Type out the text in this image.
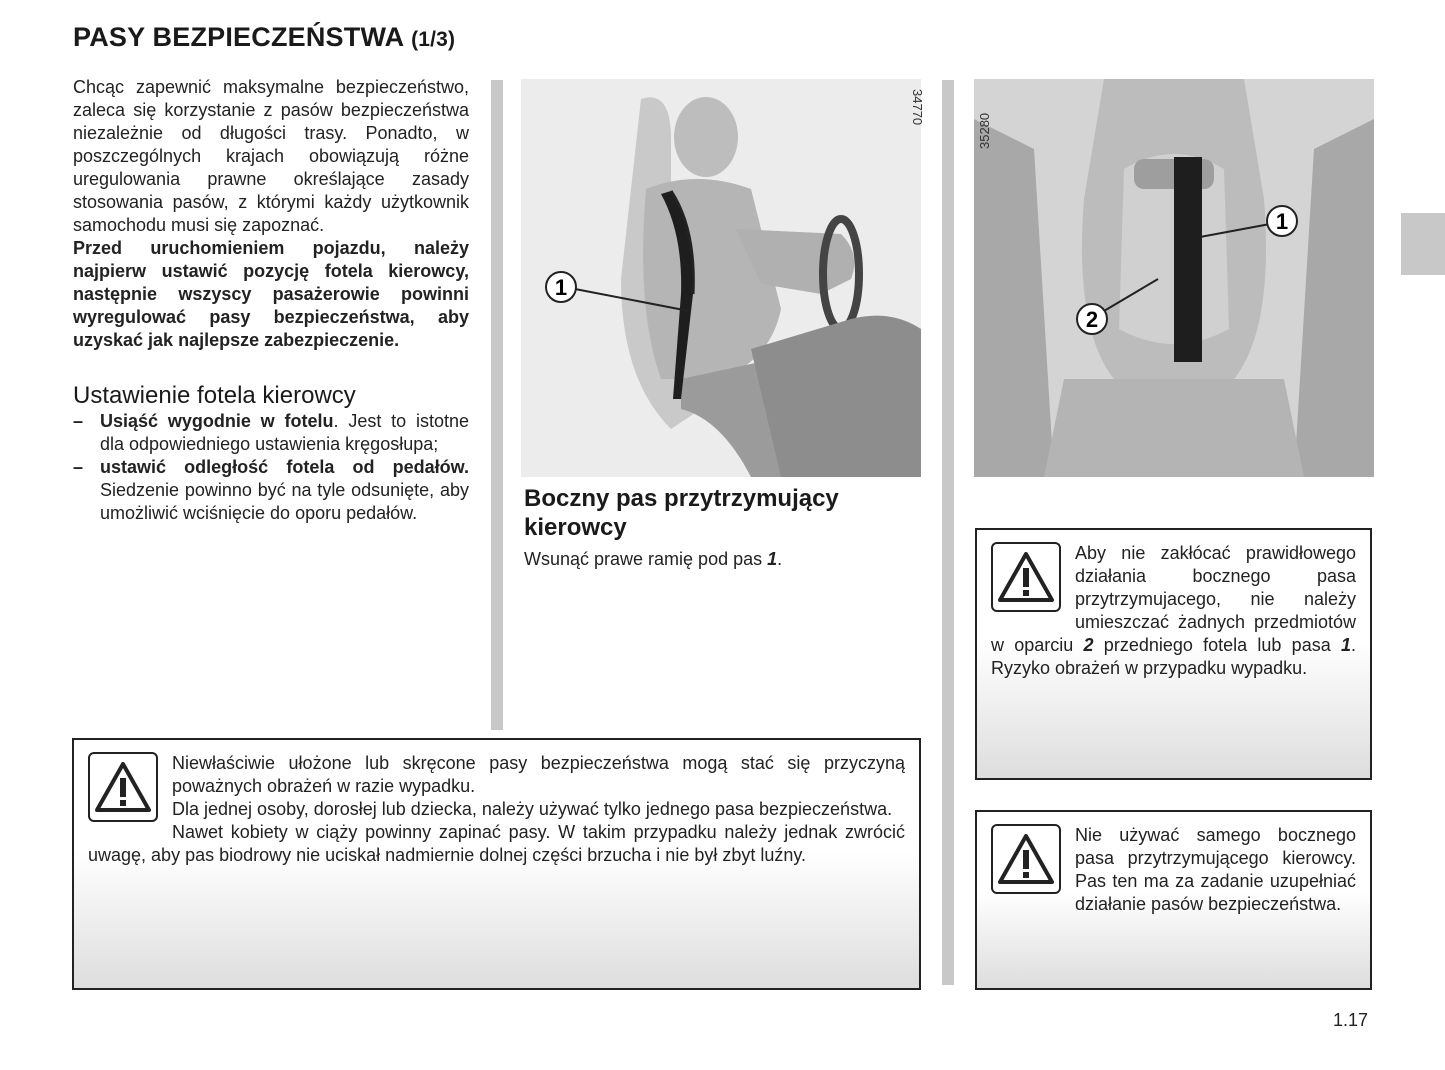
PASY BEZPIECZEŃSTWA (1/3)

Chcąc zapewnić maksymalne bezpieczeństwo, zaleca się korzystanie z pasów bezpieczeństwa niezależnie od długości trasy. Ponadto, w poszczególnych krajach obowiązują różne uregulowania prawne określające zasady stosowania pasów, z którymi każdy użytkownik samochodu musi się zapoznać.

Przed uruchomieniem pojazdu, należy najpierw ustawić pozycję fotela kierowcy, następnie wszyscy pasażerowie powinni wyregulować pasy bezpieczeństwa, aby uzyskać jak najlepsze zabezpieczenie.

Ustawienie fotela kierowcy
– Usiąść wygodnie w fotelu. Jest to istotne dla odpowiedniego ustawienia kręgosłupa;
– ustawić odległość fotela od pedałów. Siedzenie powinno być na tyle odsunięte, aby umożliwić wciśnięcie do oporu pedałów.
1
34770
1
2
35280
Boczny pas przytrzymujący kierowcy
Wsunąć prawe ramię pod pas 1.	Aby nie zakłócać prawidłowego działania bocznego pasa przytrzymujacego, nie należy umieszczać żadnych przedmiotów w oparciu 2 przedniego fotela lub pasa 1. Ryzyko obrażeń w przypadku wypadku.
Nie używać samego bocznego pasa przytrzymującego kierowcy. Pas ten ma za zadanie uzupełniać działanie pasów bezpieczeństwa.
Niewłaściwie ułożone lub skręcone pasy bezpieczeństwa mogą stać się przyczyną poważnych obrażeń w razie wypadku.
Dla jednej osoby, dorosłej lub dziecka, należy używać tylko jednego pasa bezpieczeństwa.
Nawet kobiety w ciąży powinny zapinać pasy. W takim przypadku należy jednak zwrócić uwagę, aby pas biodrowy nie uciskał nadmiernie dolnej części brzucha i nie był zbyt luźny.
1.17
